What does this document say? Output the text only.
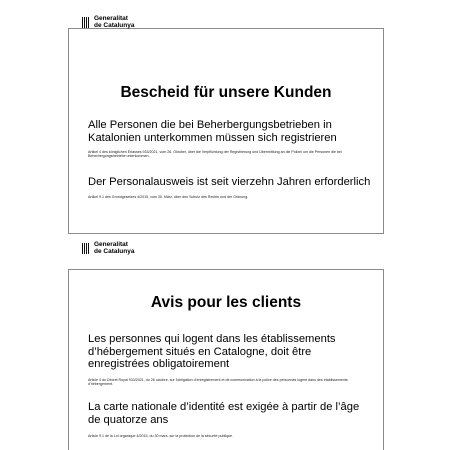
Generalitat
de Catalunya
Bescheid für unsere Kunden

Alle Personen die bei Beherbergungsbetrieben in Katalonien unterkommen müssen sich registrieren

Artikel 4 des königlichen Erlasses 933/2021, vom 26. Oktober, über die Verpflichtung der Registrierung und Übermittlung an die Polizei um die Personen die bei Beherbergungsbetriebe unterkommen.

Der Personalausweis ist seit vierzehn Jahren erforderlich

Artikel 9.1 des Grundgesetzes 4/2015, vom 30. März, über den Schutz des Rechts und der Ordnung.

Generalitat
de Catalunya
Avis pour les clients

Les personnes qui logent dans les établissements d’hébergement situés en Catalogne, doit être enregistrées obligatoirement

Article 4 du Décret Royal 933/2021, du 26 octobre, sur l’obligation d’enregistrement et de communication à la police des personnes logent dans des établissements d’hébergement.

La carte nationale d’identité est exigée à partir de l’âge de quatorze ans

Article 9.1 de la Loi organique 4/2015, du 30 mars, sur la protection de la sécurité publique.
